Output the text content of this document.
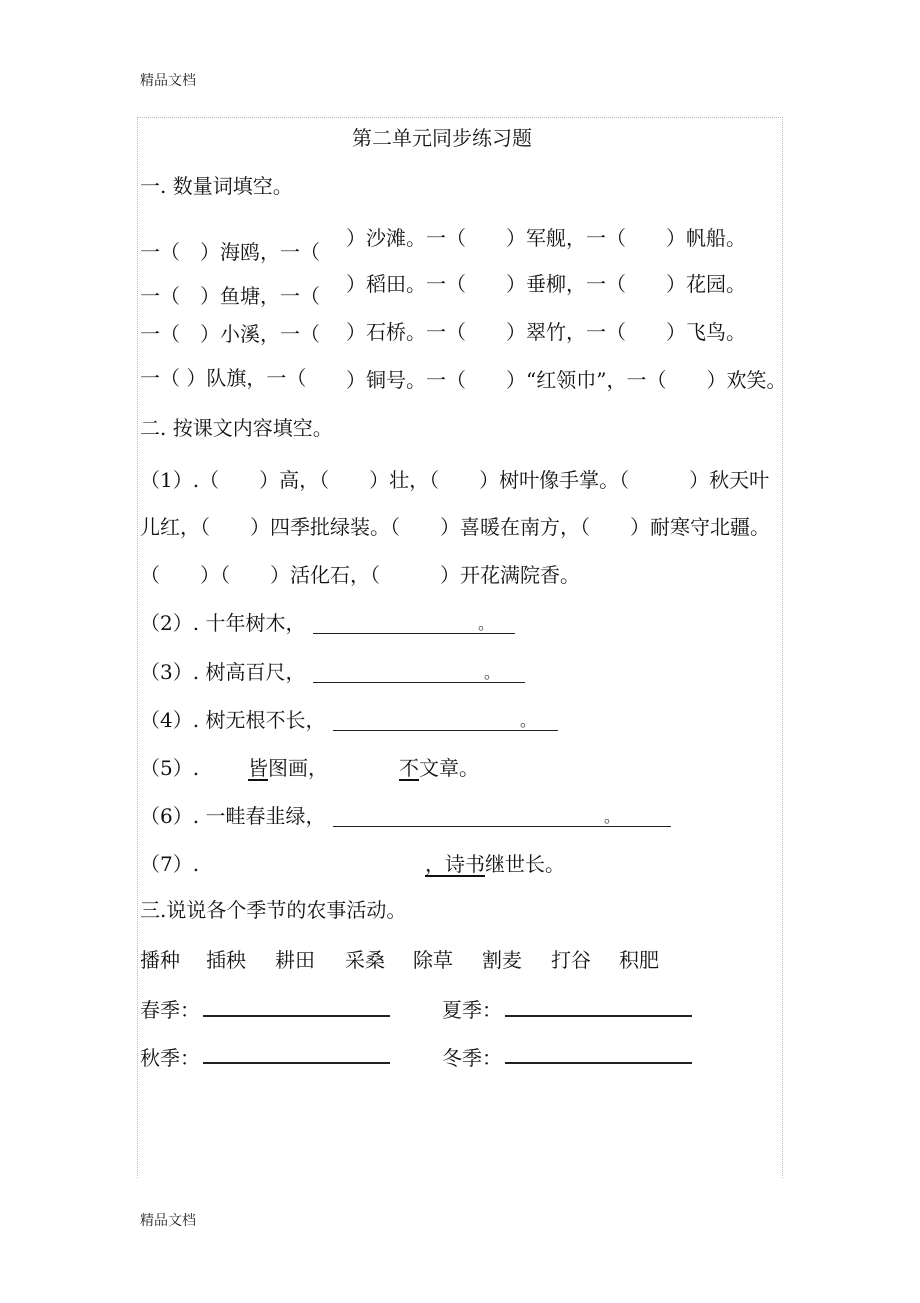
精品文档
第二单元同步练习题
一. 数量词填空。
一（　）海鸥，一（
）沙滩。一（　　）军舰，一（　　）帆船。
一（　）鱼塘，一（ ）稻田。一（　　）垂柳，一（　　）花园。
一（　）小溪，一（ ）石桥。一（　　）翠竹，一（　　）飞鸟。
一（ ）队旗，一（ ）铜号。一（　　）“红领巾”，一（　　）欢笑。
二. 按课文内容填空。
（1）.（　　）高，（　　）壮，（　　）树叶像手掌。（　　　）秋天叶
儿红，（　　）四季批绿装。（　　）喜暖在南方，（　　）耐寒守北疆。
（　　）（　　）活化石，（　　　）开花满院香。
（2）. 十年树木，	。
（3）. 树高百尺，	。
（4）. 树无根不长，	。
（5）. 皆图画，	不文章。
（6）. 一畦春韭绿，	。
（7）.	，诗书继世长。
三.说说各个季节的农事活动。
播种 插秧 耕田 采桑 除草 割麦 打谷 积肥
春季：	夏季：
秋季：	冬季：
精品文档
